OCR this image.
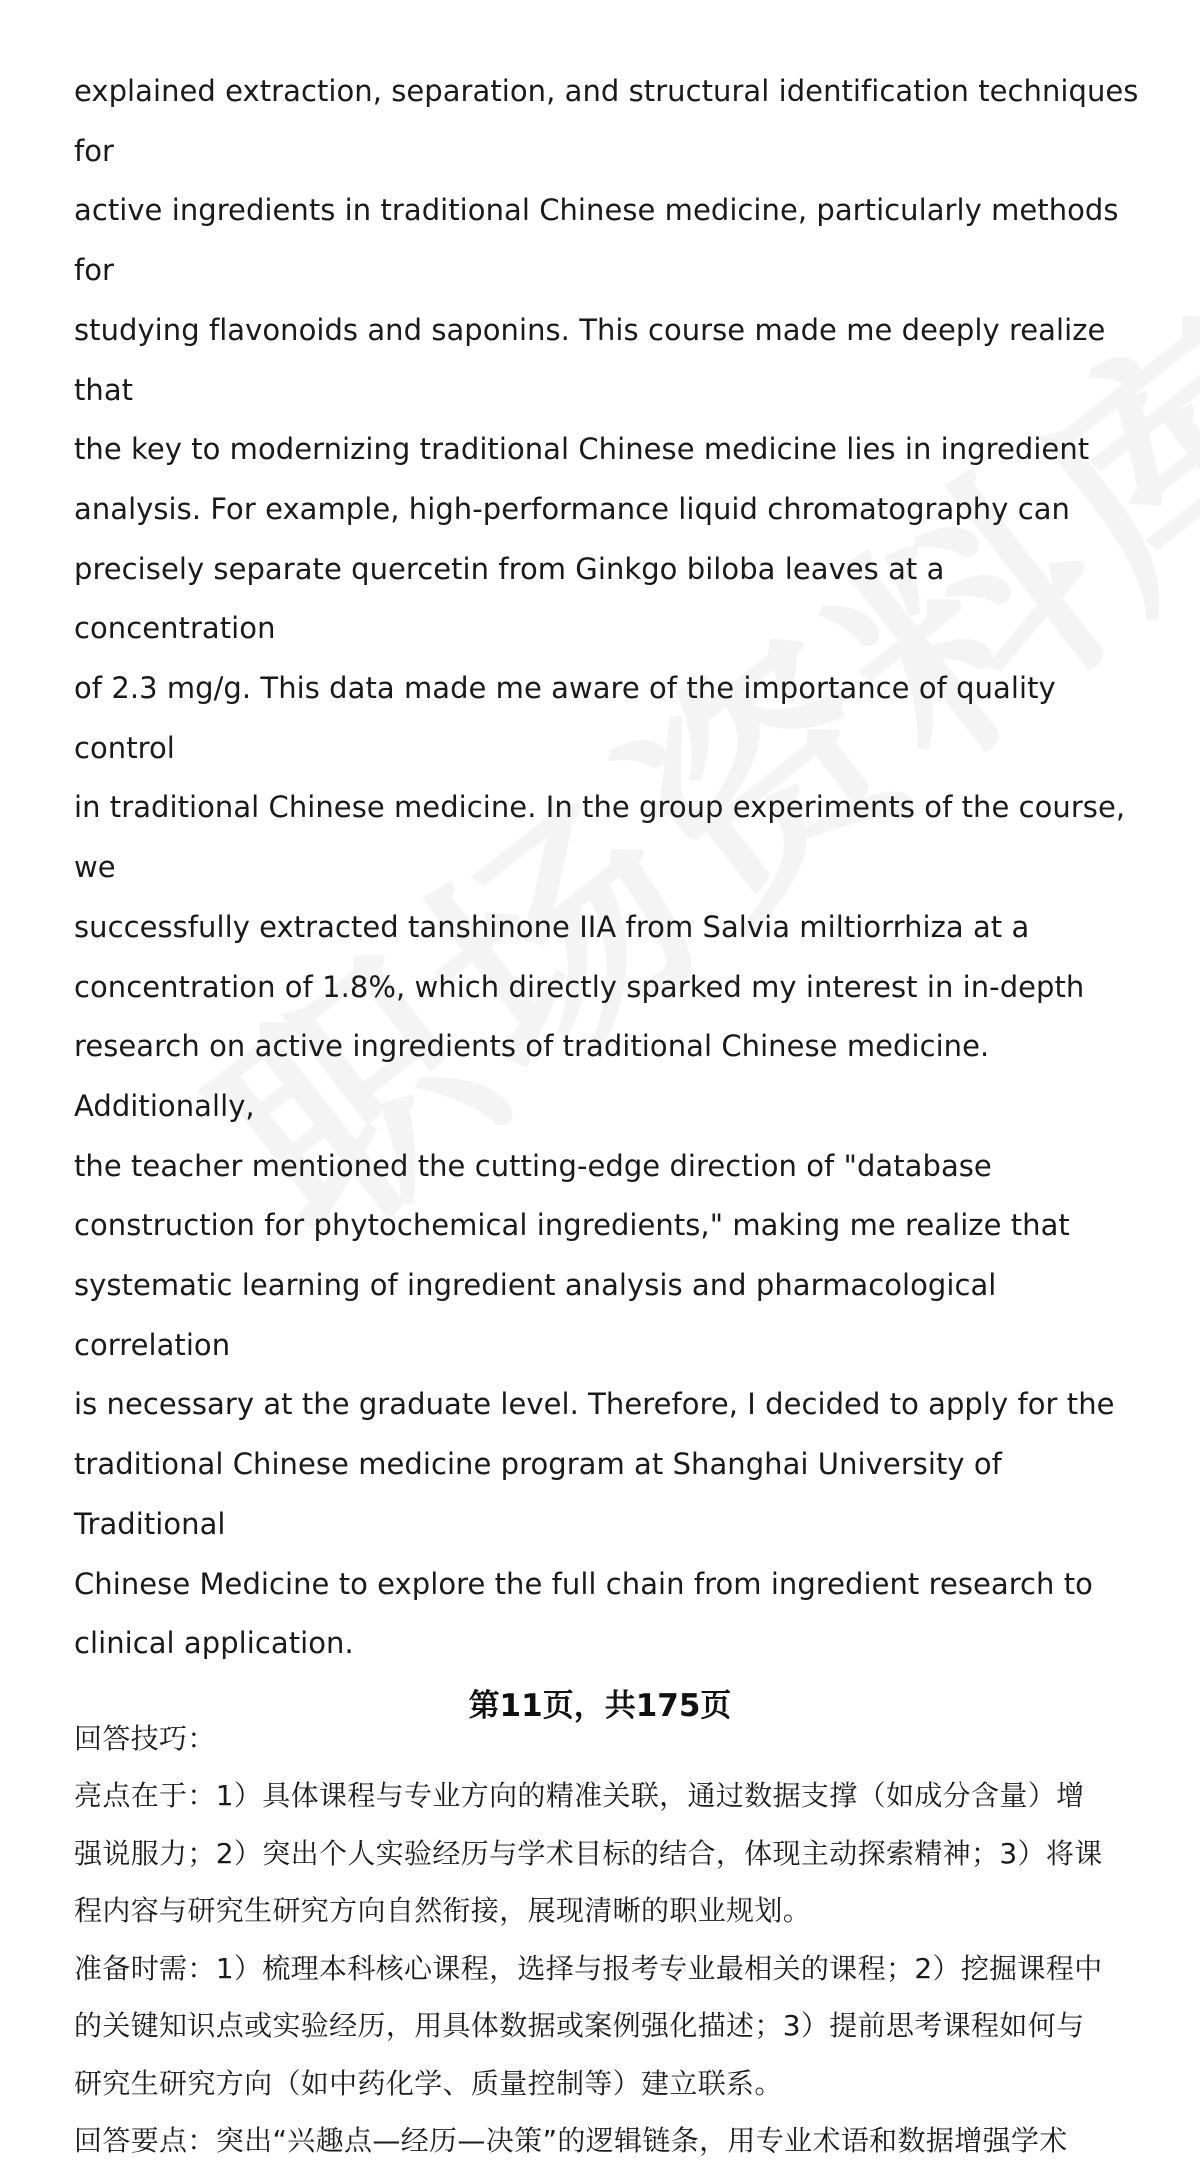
explained extraction, separation, and structural identification techniques for

active ingredients in traditional Chinese medicine, particularly methods for

studying flavonoids and saponins. This course made me deeply realize that

the key to modernizing traditional Chinese medicine lies in ingredient

analysis. For example, high-performance liquid chromatography can

precisely separate quercetin from Ginkgo biloba leaves at a concentration

of 2.3 mg/g. This data made me aware of the importance of quality control

in traditional Chinese medicine. In the group experiments of the course, we

successfully extracted tanshinone IIA from Salvia miltiorrhiza at a

concentration of 1.8%, which directly sparked my interest in in-depth

research on active ingredients of traditional Chinese medicine. Additionally,

the teacher mentioned the cutting-edge direction of "database

construction for phytochemical ingredients," making me realize that

systematic learning of ingredient analysis and pharmacological correlation

is necessary at the graduate level. Therefore, I decided to apply for the

traditional Chinese medicine program at Shanghai University of Traditional

Chinese Medicine to explore the full chain from ingredient research to

clinical application.

回答技巧：

亮点在于：1）具体课程与专业方向的精准关联，通过数据支撑（如成分含量）增

强说服力；2）突出个人实验经历与学术目标的结合，体现主动探索精神；3）将课

程内容与研究生研究方向自然衔接，展现清晰的职业规划。

准备时需：1）梳理本科核心课程，选择与报考专业最相关的课程；2）挖掘课程中

的关键知识点或实验经历，用具体数据或案例强化描述；3）提前思考课程如何与

研究生研究方向（如中药化学、质量控制等）建立联系。

回答要点：突出“兴趣点—经历—决策”的逻辑链条，用专业术语和数据增强学术

第11页，共175页
